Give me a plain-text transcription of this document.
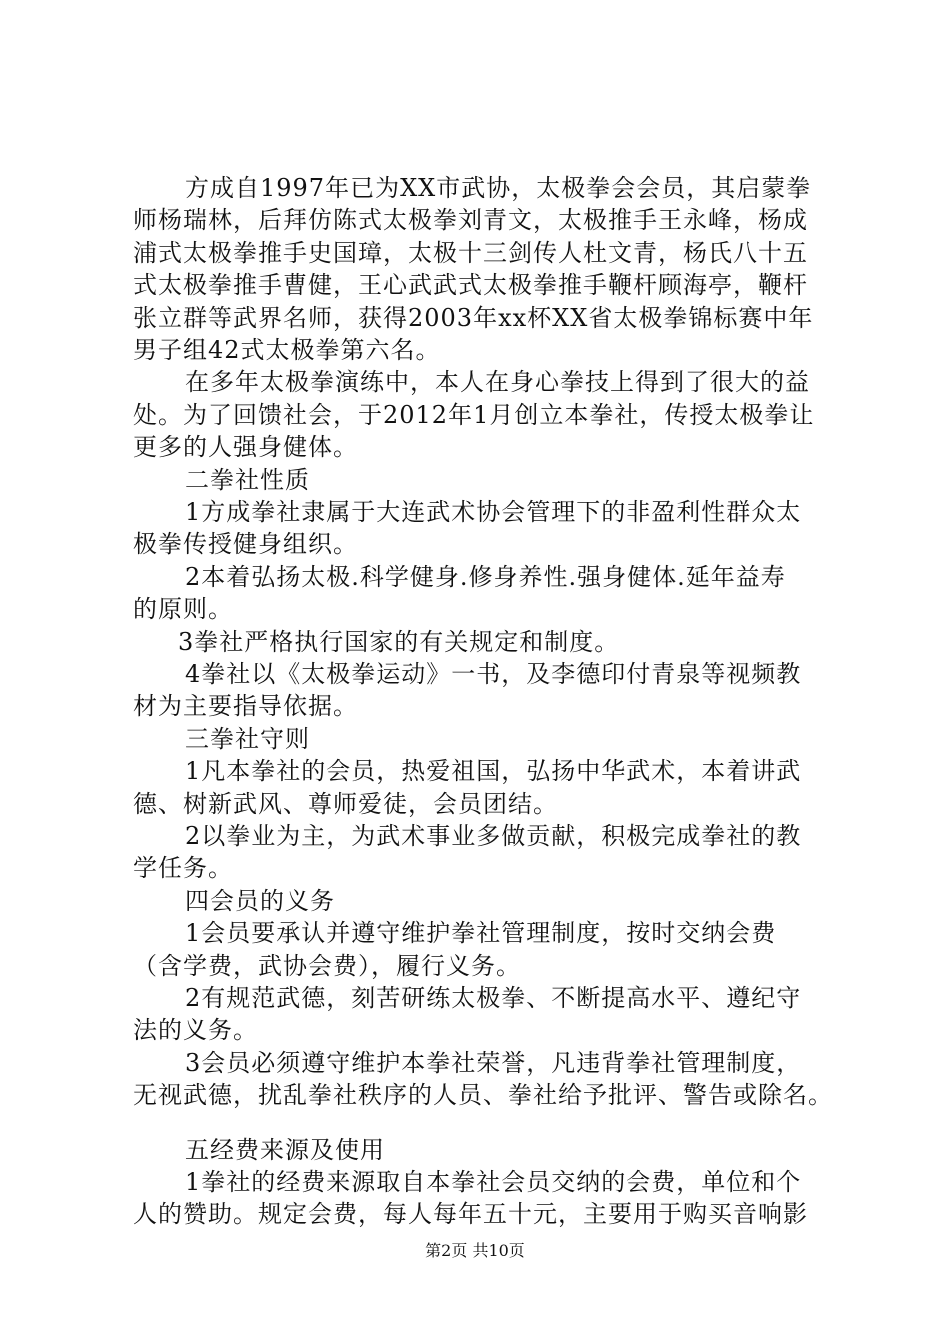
方成自1997年已为XX市武协，太极拳会会员，其启蒙拳
师杨瑞林，后拜仿陈式太极拳刘青文，太极推手王永峰，杨成
浦式太极拳推手史国璋，太极十三剑传人杜文青，杨氏八十五
式太极拳推手曹健，王心武武式太极拳推手鞭杆顾海亭，鞭杆
张立群等武界名师，获得2003年xx杯XX省太极拳锦标赛中年
男子组42式太极拳第六名。
在多年太极拳演练中，本人在身心拳技上得到了很大的益
处。为了回馈社会，于2012年1月创立本拳社，传授太极拳让
更多的人强身健体。
二拳社性质
1方成拳社隶属于大连武术协会管理下的非盈利性群众太
极拳传授健身组织。
2本着弘扬太极.科学健身.修身养性.强身健体.延年益寿
的原则。
3拳社严格执行国家的有关规定和制度。
4拳社以《太极拳运动》一书，及李德印付青泉等视频教
材为主要指导依据。
三拳社守则
1凡本拳社的会员，热爱祖国，弘扬中华武术，本着讲武
德、树新武风、尊师爱徒，会员团结。
2以拳业为主，为武术事业多做贡献，积极完成拳社的教
学任务。
四会员的义务
1会员要承认并遵守维护拳社管理制度，按时交纳会费
（含学费，武协会费），履行义务。
2有规范武德，刻苦研练太极拳、不断提高水平、遵纪守
法的义务。
3会员必须遵守维护本拳社荣誉，凡违背拳社管理制度，
无视武德，扰乱拳社秩序的人员、拳社给予批评、警告或除名。
五经费来源及使用
1拳社的经费来源取自本拳社会员交纳的会费，单位和个
人的赞助。规定会费，每人每年五十元，主要用于购买音响影
第2页 共10页
